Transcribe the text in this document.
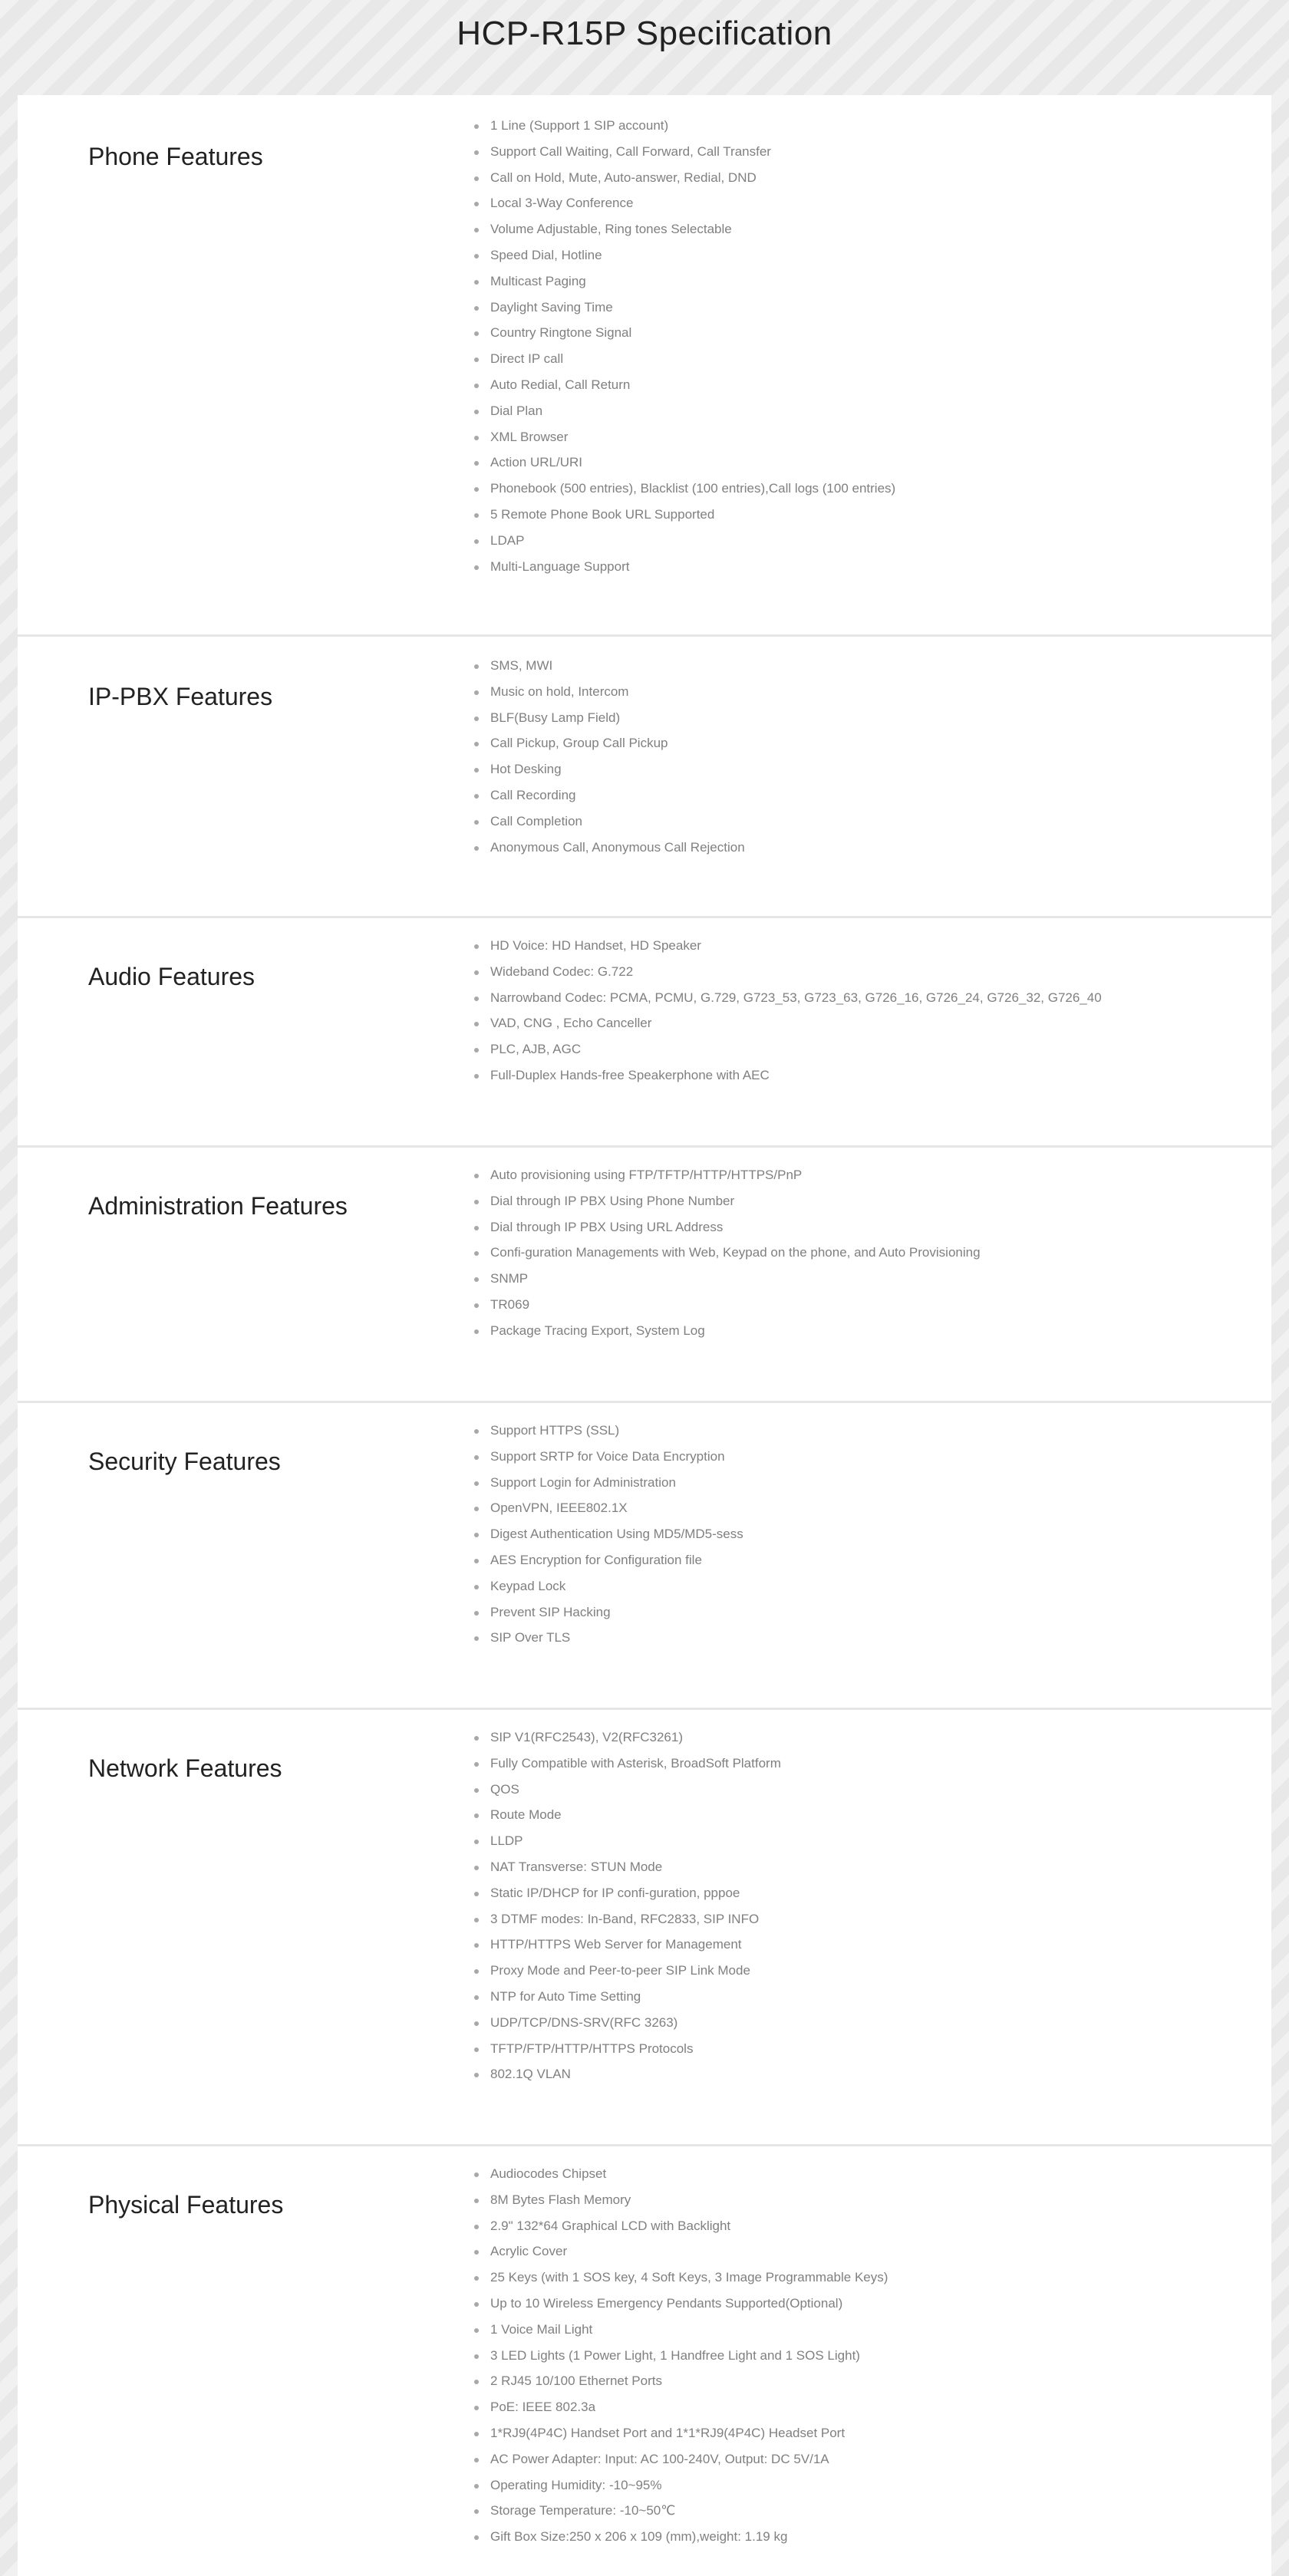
HCP-R15P Specification
Phone Features
1 Line (Support 1 SIP account)
Support Call Waiting, Call Forward, Call Transfer
Call on Hold, Mute, Auto-answer, Redial, DND
Local 3-Way Conference
Volume Adjustable, Ring tones Selectable
Speed Dial, Hotline
Multicast Paging
Daylight Saving Time
Country Ringtone Signal
Direct IP call
Auto Redial, Call Return
Dial Plan
XML Browser
Action URL/URI
Phonebook (500 entries), Blacklist (100 entries),Call logs (100 entries)
5 Remote Phone Book URL Supported
LDAP
Multi-Language Support
IP-PBX Features
SMS, MWI
Music on hold, Intercom
BLF(Busy Lamp Field)
Call Pickup, Group Call Pickup
Hot Desking
Call Recording
Call Completion
Anonymous Call, Anonymous Call Rejection
Audio Features
HD Voice: HD Handset, HD Speaker
Wideband Codec: G.722
Narrowband Codec: PCMA, PCMU, G.729, G723_53, G723_63, G726_16, G726_24, G726_32, G726_40
VAD, CNG , Echo Canceller
PLC, AJB, AGC
Full-Duplex Hands-free Speakerphone with AEC
Administration Features
Auto provisioning using FTP/TFTP/HTTP/HTTPS/PnP
Dial through IP PBX Using Phone Number
Dial through IP PBX Using URL Address
Confi-guration Managements with Web, Keypad on the phone, and Auto Provisioning
SNMP
TR069
Package Tracing Export, System Log
Security Features
Support HTTPS (SSL)
Support SRTP for Voice Data Encryption
Support Login for Administration
OpenVPN, IEEE802.1X
Digest Authentication Using MD5/MD5-sess
AES Encryption for Configuration file
Keypad Lock
Prevent SIP Hacking
SIP Over TLS
Network Features
SIP V1(RFC2543), V2(RFC3261)
Fully Compatible with Asterisk, BroadSoft Platform
QOS
Route Mode
LLDP
NAT Transverse: STUN Mode
Static IP/DHCP for IP confi-guration, pppoe
3 DTMF modes: In-Band, RFC2833, SIP INFO
HTTP/HTTPS Web Server for Management
Proxy Mode and Peer-to-peer SIP Link Mode
NTP for Auto Time Setting
UDP/TCP/DNS-SRV(RFC 3263)
TFTP/FTP/HTTP/HTTPS Protocols
802.1Q VLAN
Physical Features
Audiocodes Chipset
8M Bytes Flash Memory
2.9" 132*64 Graphical LCD with Backlight
Acrylic Cover
25 Keys (with 1 SOS key, 4 Soft Keys, 3 Image Programmable Keys)
Up to 10 Wireless Emergency Pendants Supported(Optional)
1 Voice Mail Light
3 LED Lights (1 Power Light, 1 Handfree Light and 1 SOS Light)
2 RJ45 10/100 Ethernet Ports
PoE: IEEE 802.3a
1*RJ9(4P4C) Handset Port and 1*1*RJ9(4P4C) Headset Port
AC Power Adapter: Input: AC 100-240V, Output: DC 5V/1A
Operating Humidity: -10~95%
Storage Temperature: -10~50℃
Gift Box Size:250 x 206 x 109 (mm),weight: 1.19 kg
